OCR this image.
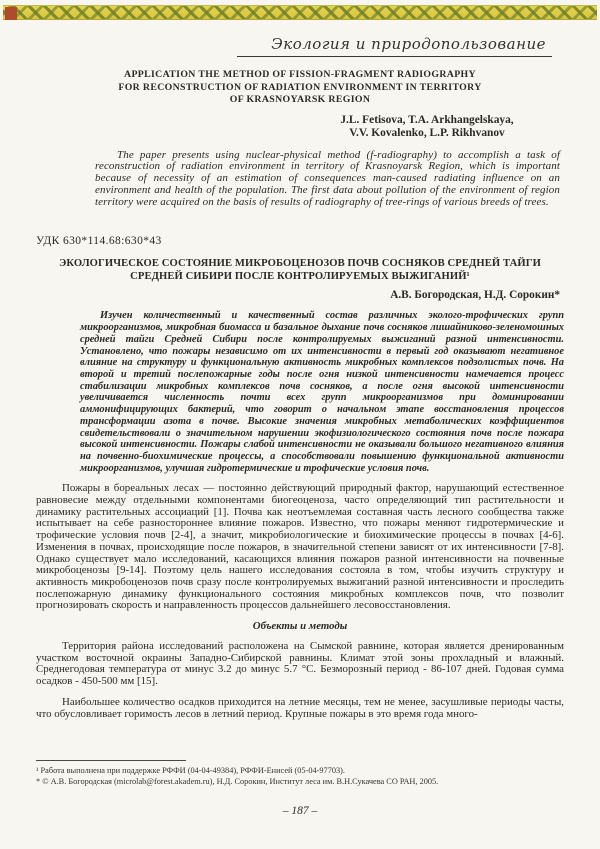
Экология и природопользование
APPLICATION THE METHOD OF FISSION-FRAGMENT RADIOGRAPHY
FOR RECONSTRUCTION OF RADIATION ENVIRONMENT IN TERRITORY
OF KRASNOYARSK REGION
J.L. Fetisova, T.A. Arkhangelskaya,
V.V. Kovalenko, L.P. Rikhvanov
The paper presents using nuclear-physical method (f-radiography) to accomplish a task of reconstruction of radiation environment in territory of Krasnoyarsk Region, which is important because of necessity of an estimation of consequences man-caused radiating influence on an environment and health of the population. The first data about pollution of the environment of region territory were acquired on the basis of results of radiography of tree-rings of various breeds of trees.
УДК 630*114.68:630*43
ЭКОЛОГИЧЕСКОЕ СОСТОЯНИЕ МИКРОБОЦЕНОЗОВ ПОЧВ СОСНЯКОВ СРЕДНЕЙ ТАЙГИ
СРЕДНЕЙ СИБИРИ ПОСЛЕ КОНТРОЛИРУЕМЫХ ВЫЖИГАНИЙ¹
А.В. Богородская, Н.Д. Сорокин*
Изучен количественный и качественный состав различных эколого-трофических групп микроорганизмов, микробная биомасса и базальное дыхание почв сосняков лишайниково-зеленомошных средней тайги Средней Сибири после контролируемых выжиганий разной интенсивности. Установлено, что пожары независимо от их интенсивности в первый год оказывают негативное влияние на структуру и функциональную активность микробных комплексов подзолистых почв. На второй и третий послепожарные годы после огня низкой интенсивности намечается процесс стабилизации микробных комплексов почв сосняков, а после огня высокой интенсивности увеличивается численность почти всех групп микроорганизмов при доминировании аммонифицирующих бактерий, что говорит о начальном этапе восстановления процессов трансформации азота в почве. Высокие значения микробных метаболических коэффициентов свидетельствовали о значительном нарушении экофизиологического состояния почв после пожара высокой интенсивности. Пожары слабой интенсивности не оказывали большого негативного влияния на почвенно-биохимические процессы, а способствовали повышению функциональной активности микроорганизмов, улучшая гидротермические и трофические условия почв.
Пожары в бореальных лесах — постоянно действующий природный фактор, нарушающий естественное равновесие между отдельными компонентами биогеоценоза, часто определяющий тип растительности и динамику растительных ассоциаций [1]. Почва как неотъемлемая составная часть лесного сообщества также испытывает на себе разностороннее влияние пожаров. Известно, что пожары меняют гидротермические и трофические условия почв [2-4], а значит, микробиологические и биохимические процессы в почвах [4-6]. Изменения в почвах, происходящие после пожаров, в значительной степени зависят от их интенсивности [7-8]. Однако существует мало исследований, касающихся влияния пожаров разной интенсивности на почвенные микробоценозы [9-14]. Поэтому цель нашего исследования состояла в том, чтобы изучить структуру и активность микробоценозов почв сразу после контролируемых выжиганий разной интенсивности и проследить послепожарную динамику функционального состояния микробных комплексов почв, что позволит прогнозировать скорость и направленность процессов дальнейшего лесовосстановления.
Объекты и методы
Территория района исследований расположена на Сымской равнине, которая является дренированным участком восточной окраины Западно-Сибирской равнины. Климат этой зоны прохладный и влажный. Среднегодовая температура от минус 3.2 до минус 5.7 °С. Безморозный период - 86-107 дней. Годовая сумма осадков - 450-500 мм [15].
Наибольшее количество осадков приходится на летние месяцы, тем не менее, засушливые периоды часты, что обусловливает горимость лесов в летний период. Крупные пожары в это время года много-
¹ Работа выполнена при поддержке РФФИ (04-04-49384), РФФИ-Енисей (05-04-97703).
* © А.В. Богородская (microlab@forest.akadem.ru), Н.Д. Сорокин, Институт леса им. В.Н.Сукачева СО РАН, 2005.
– 187 –
